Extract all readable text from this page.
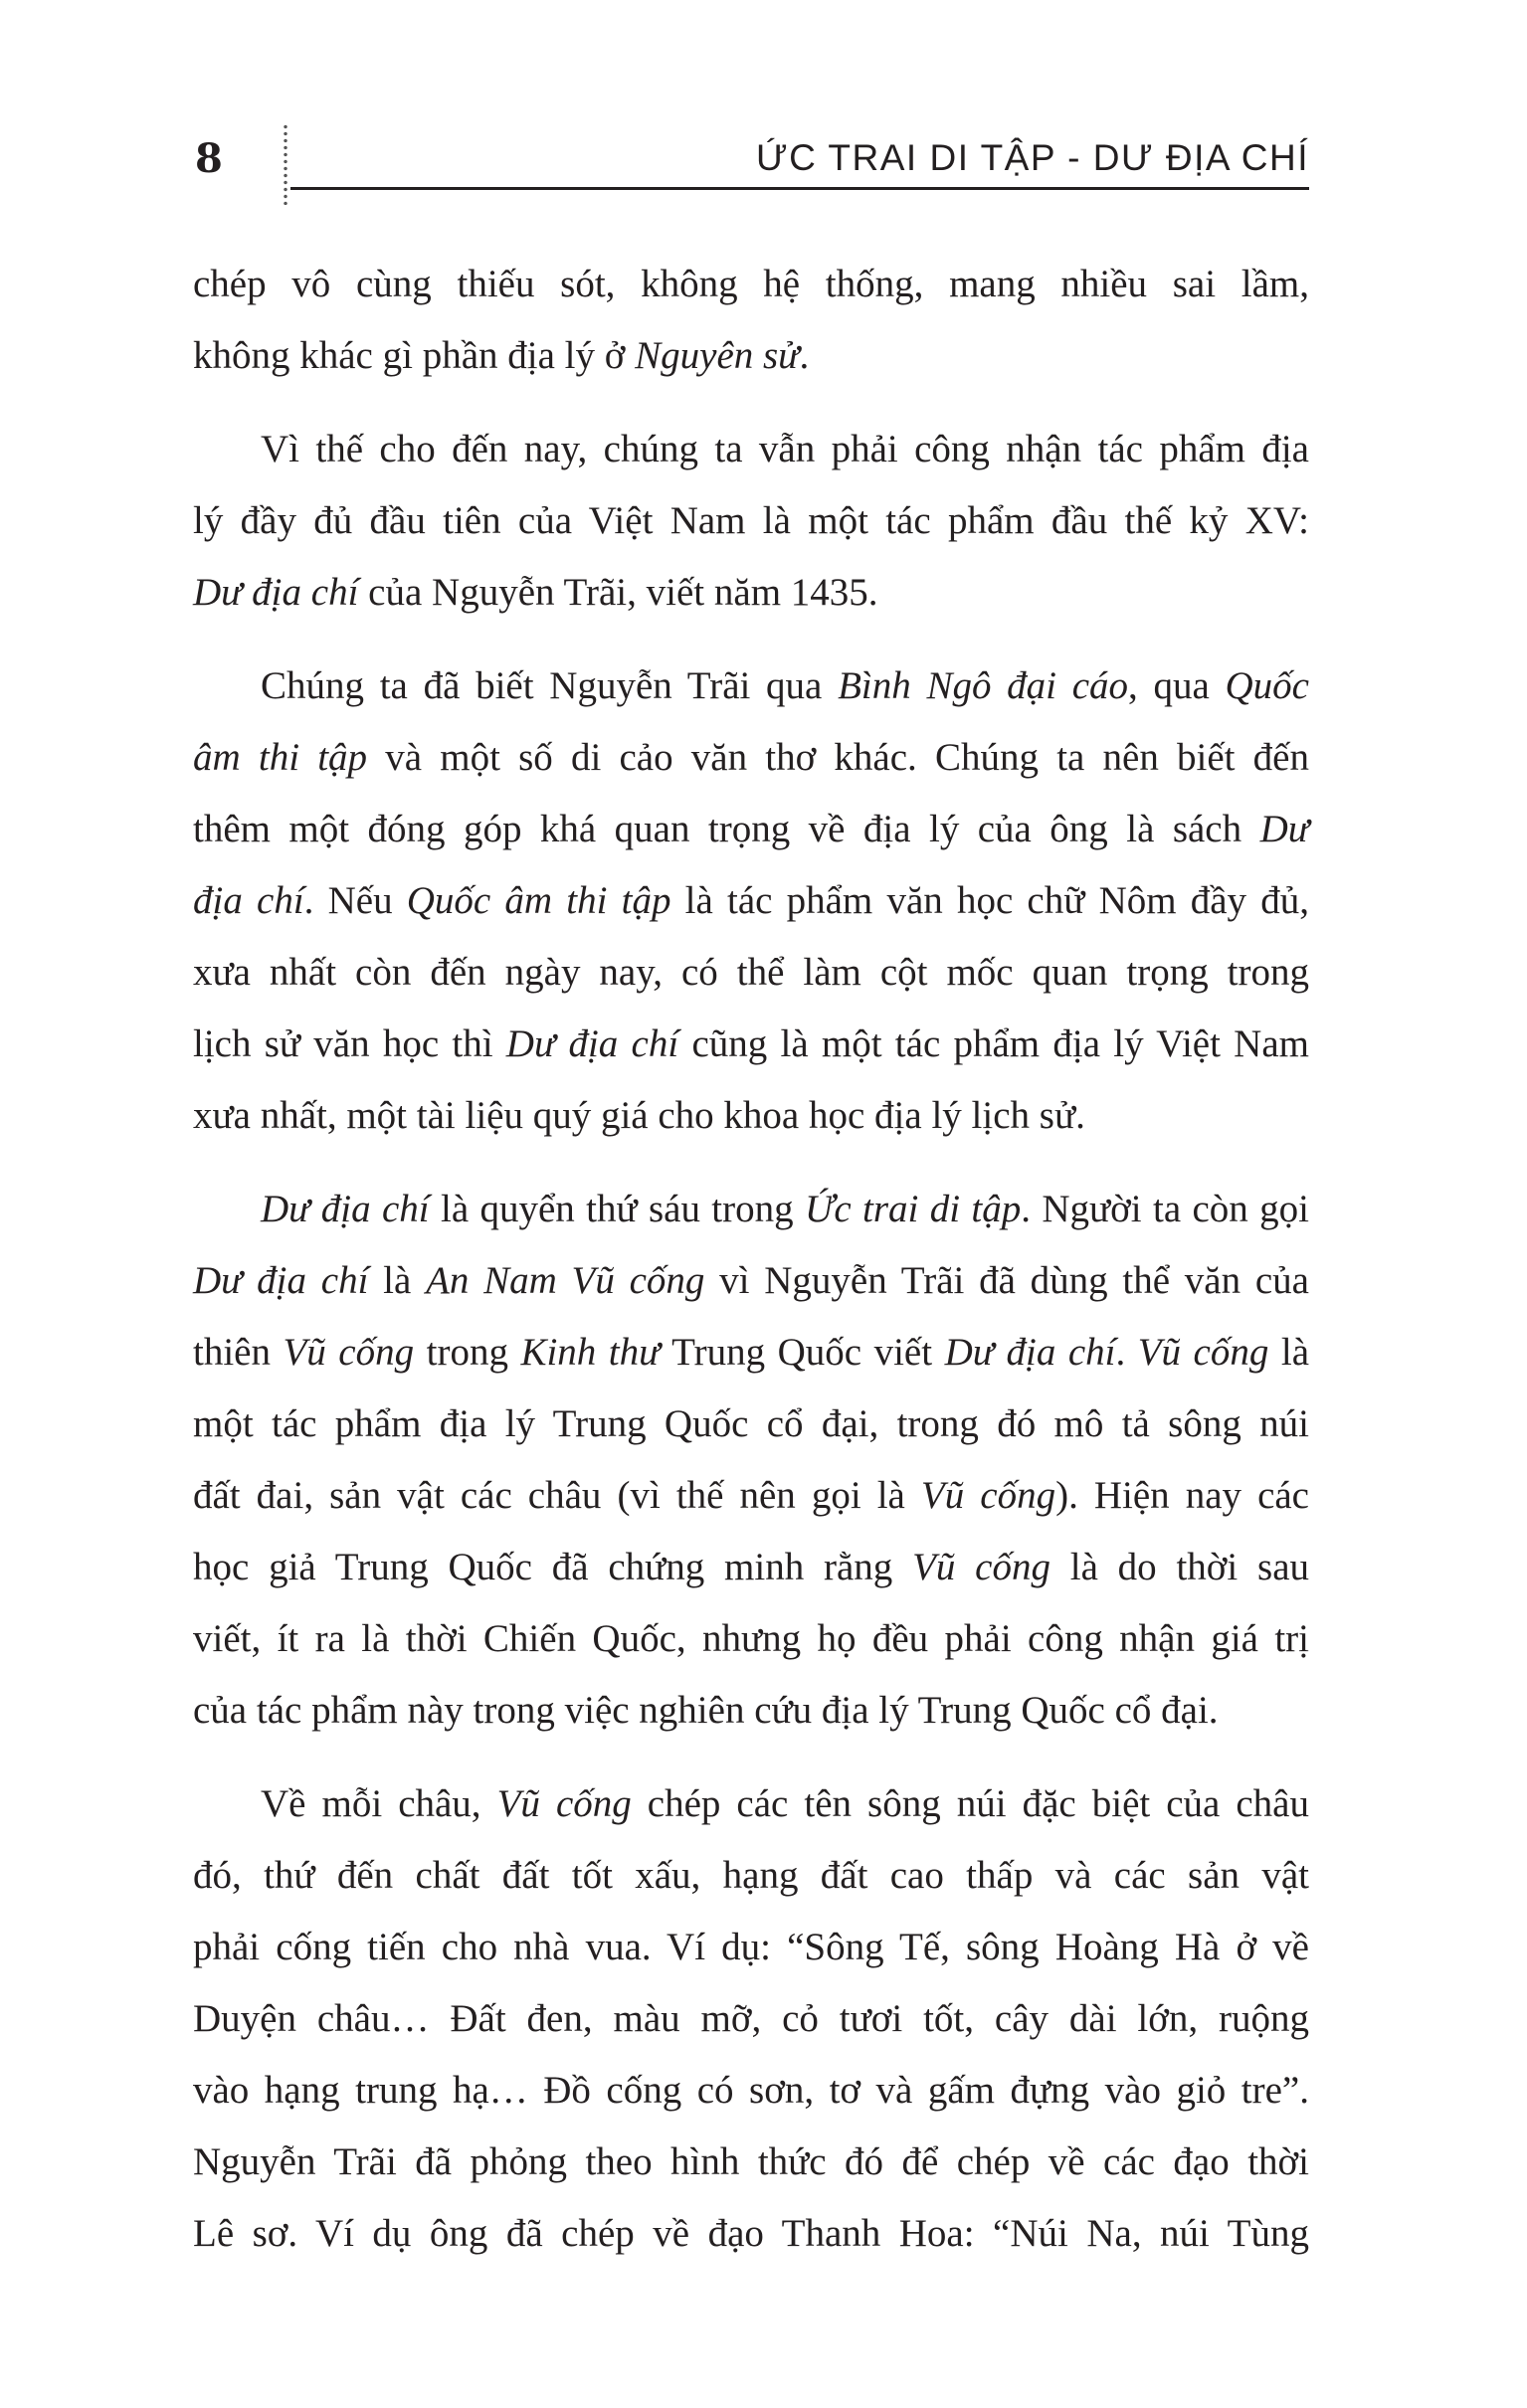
8	ỨC TRAI DI TẬP - DƯ ĐỊA CHÍ
chép vô cùng thiếu sót, không hệ thống, mang nhiều sai lầm,
không khác gì phần địa lý ở Nguyên sử.
Vì thế cho đến nay, chúng ta vẫn phải công nhận tác phẩm địa
lý đầy đủ đầu tiên của Việt Nam là một tác phẩm đầu thế kỷ XV:
Dư địa chí của Nguyễn Trãi, viết năm 1435.
Chúng ta đã biết Nguyễn Trãi qua Bình Ngô đại cáo, qua Quốc
âm thi tập và một số di cảo văn thơ khác. Chúng ta nên biết đến
thêm một đóng góp khá quan trọng về địa lý của ông là sách Dư
địa chí. Nếu Quốc âm thi tập là tác phẩm văn học chữ Nôm đầy đủ,
xưa nhất còn đến ngày nay, có thể làm cột mốc quan trọng trong
lịch sử văn học thì Dư địa chí cũng là một tác phẩm địa lý Việt Nam
xưa nhất, một tài liệu quý giá cho khoa học địa lý lịch sử.
Dư địa chí là quyển thứ sáu trong Ức trai di tập. Người ta còn gọi
Dư địa chí là An Nam Vũ cống vì Nguyễn Trãi đã dùng thể văn của
thiên Vũ cống trong Kinh thư Trung Quốc viết Dư địa chí. Vũ cống là
một tác phẩm địa lý Trung Quốc cổ đại, trong đó mô tả sông núi
đất đai, sản vật các châu (vì thế nên gọi là Vũ cống). Hiện nay các
học giả Trung Quốc đã chứng minh rằng Vũ cống là do thời sau
viết, ít ra là thời Chiến Quốc, nhưng họ đều phải công nhận giá trị
của tác phẩm này trong việc nghiên cứu địa lý Trung Quốc cổ đại.
Về mỗi châu, Vũ cống chép các tên sông núi đặc biệt của châu
đó, thứ đến chất đất tốt xấu, hạng đất cao thấp và các sản vật
phải cống tiến cho nhà vua. Ví dụ: “Sông Tế, sông Hoàng Hà ở về
Duyện châu… Đất đen, màu mỡ, cỏ tươi tốt, cây dài lớn, ruộng
vào hạng trung hạ… Đồ cống có sơn, tơ và gấm đựng vào giỏ tre”.
Nguyễn Trãi đã phỏng theo hình thức đó để chép về các đạo thời
Lê sơ. Ví dụ ông đã chép về đạo Thanh Hoa: “Núi Na, núi Tùng
